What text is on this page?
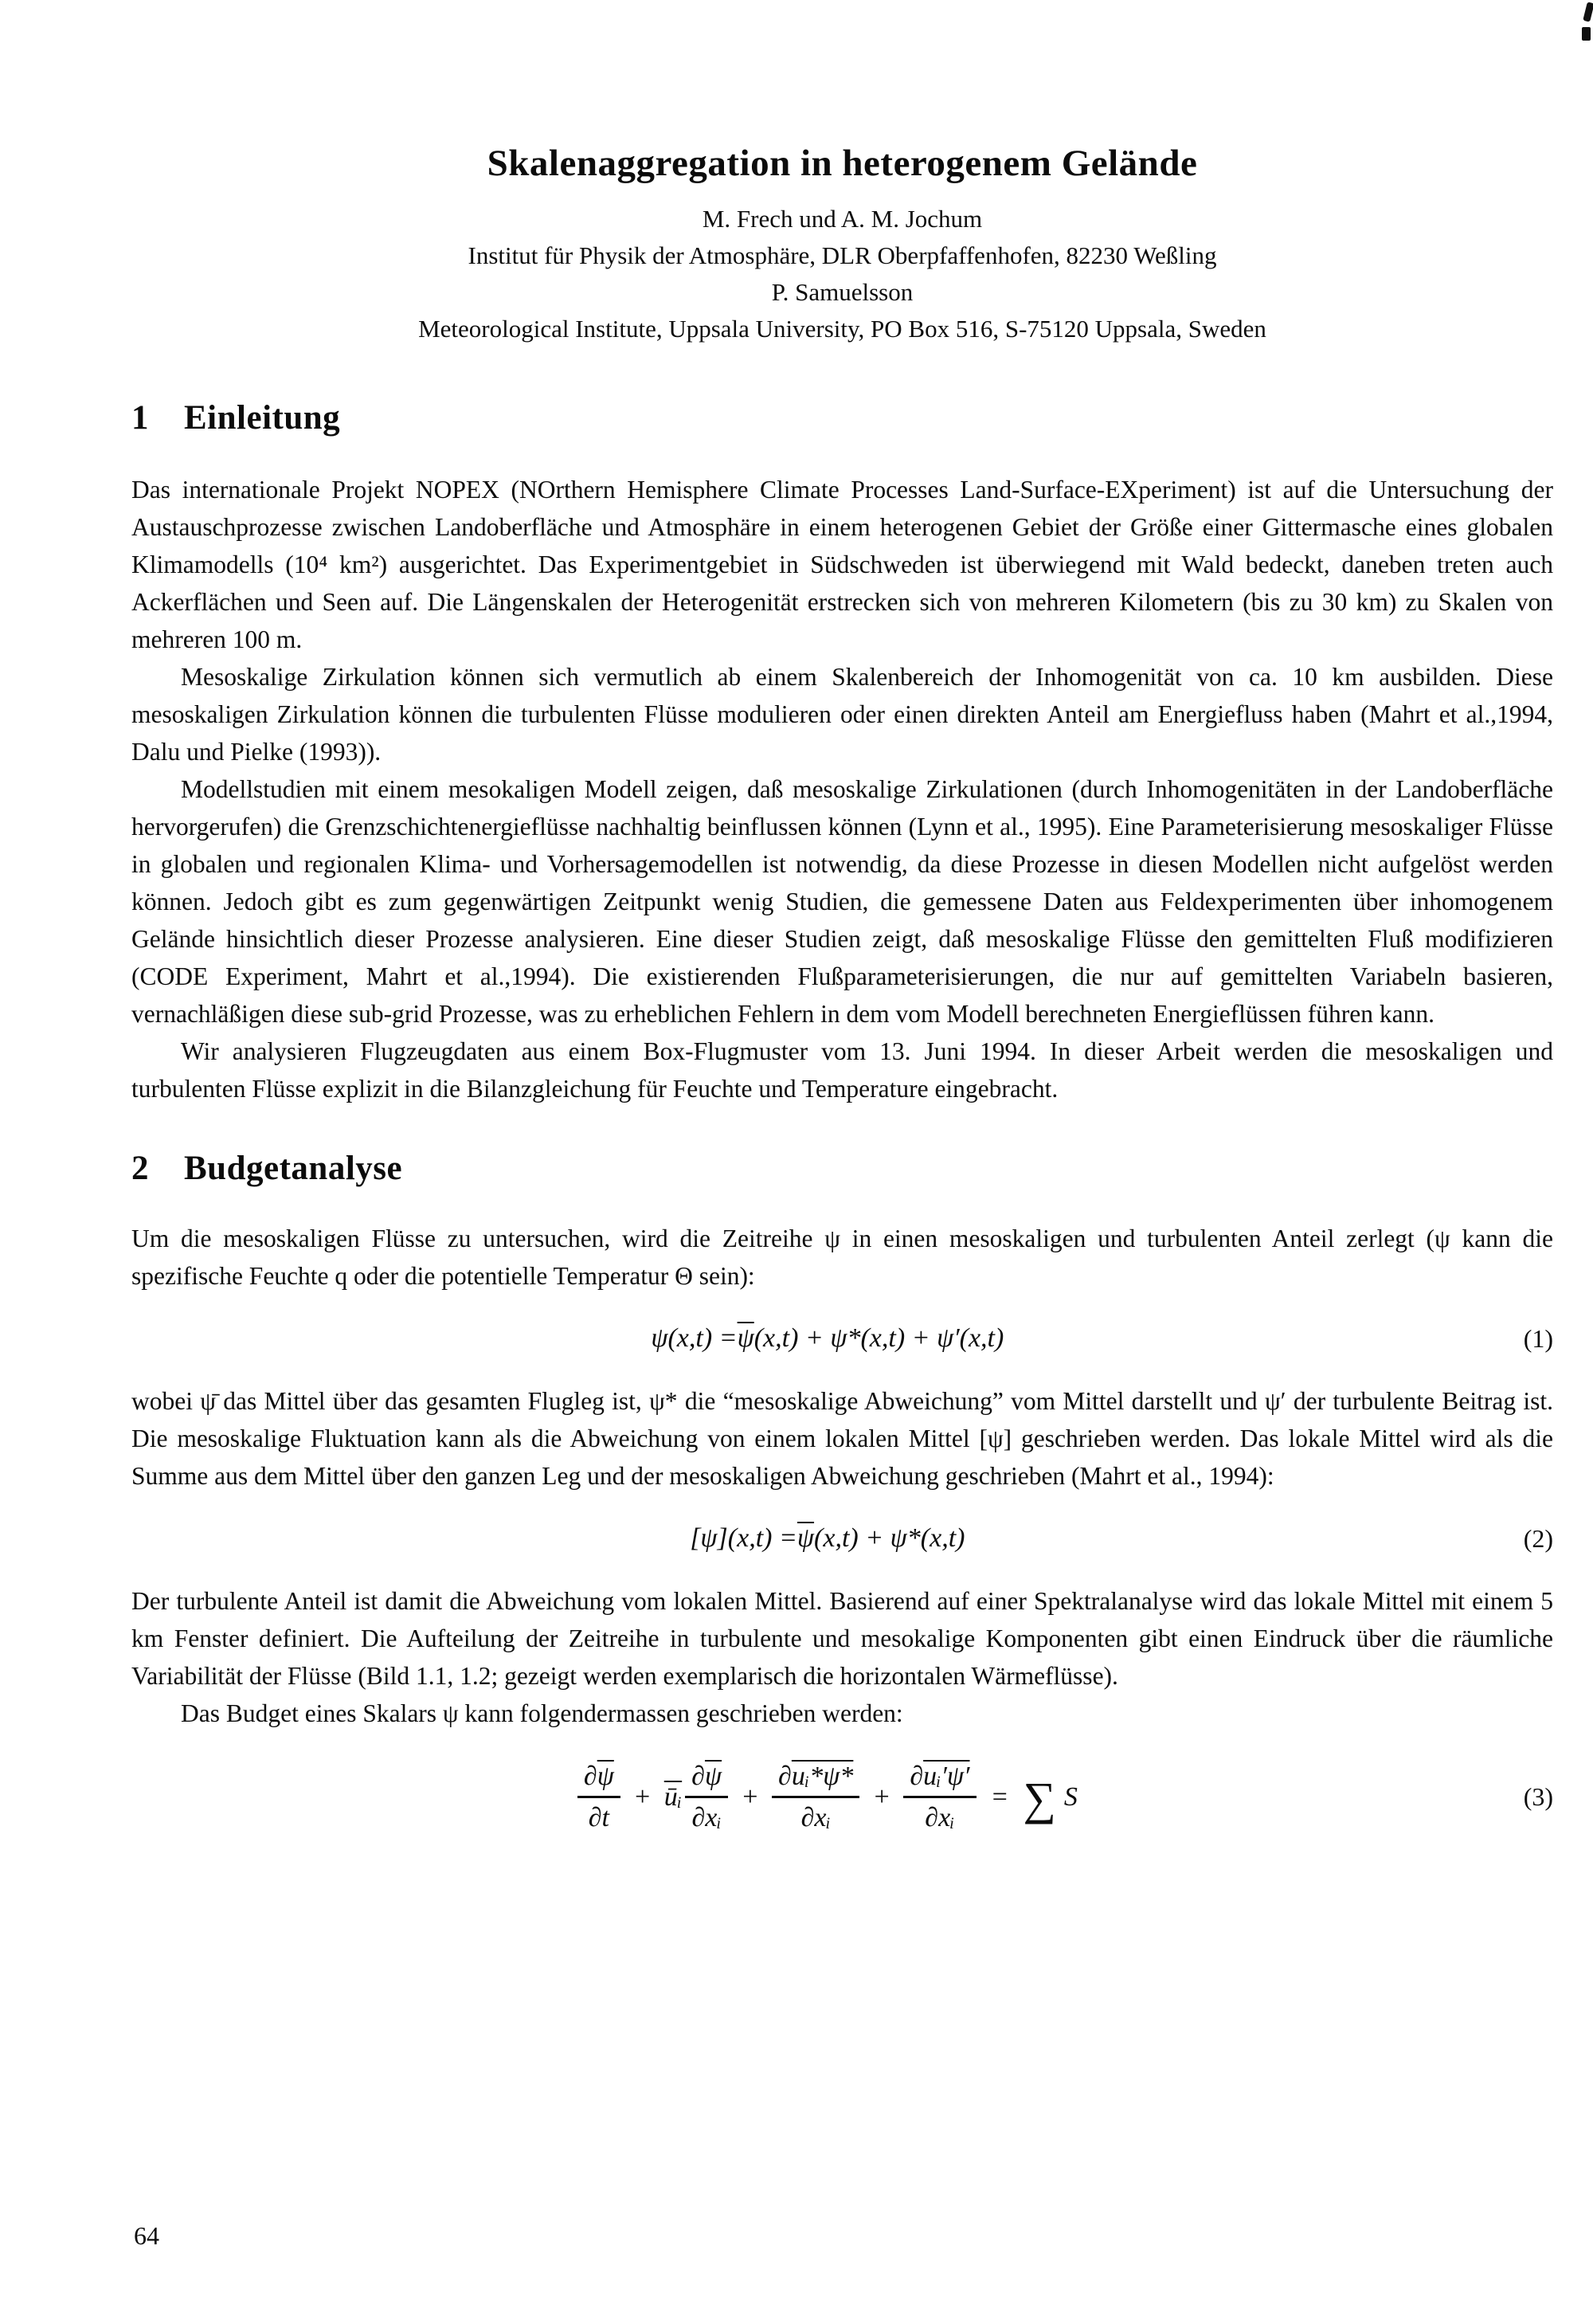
Skalenaggregation in heterogenem Gelände
M. Frech und A. M. Jochum
Institut für Physik der Atmosphäre, DLR Oberpfaffenhofen, 82230 Weßling
P. Samuelsson
Meteorological Institute, Uppsala University, PO Box 516, S-75120 Uppsala, Sweden
1 Einleitung
Das internationale Projekt NOPEX (NOrthern Hemisphere Climate Processes Land-Surface-EXperiment) ist auf die Untersuchung der Austauschprozesse zwischen Landoberfläche und Atmosphäre in einem heterogenen Gebiet der Größe einer Gittermasche eines globalen Klimamodells (10⁴ km²) ausgerichtet. Das Experimentgebiet in Südschweden ist überwiegend mit Wald bedeckt, daneben treten auch Ackerflächen und Seen auf. Die Längenskalen der Heterogenität erstrecken sich von mehreren Kilometern (bis zu 30 km) zu Skalen von mehreren 100 m.
Mesoskalige Zirkulation können sich vermutlich ab einem Skalenbereich der Inhomogenität von ca. 10 km ausbilden. Diese mesoskaligen Zirkulation können die turbulenten Flüsse modulieren oder einen direkten Anteil am Energiefluss haben (Mahrt et al.,1994, Dalu und Pielke (1993)).
Modellstudien mit einem mesokaligen Modell zeigen, daß mesoskalige Zirkulationen (durch Inhomogenitäten in der Landoberfläche hervorgerufen) die Grenzschichtenergieflüsse nachhaltig beinflussen können (Lynn et al., 1995). Eine Parameterisierung mesoskaliger Flüsse in globalen und regionalen Klima- und Vorhersagemodellen ist notwendig, da diese Prozesse in diesen Modellen nicht aufgelöst werden können. Jedoch gibt es zum gegenwärtigen Zeitpunkt wenig Studien, die gemessene Daten aus Feldexperimenten über inhomogenem Gelände hinsichtlich dieser Prozesse analysieren. Eine dieser Studien zeigt, daß mesoskalige Flüsse den gemittelten Fluß modifizieren (CODE Experiment, Mahrt et al.,1994). Die existierenden Flußparameterisierungen, die nur auf gemittelten Variabeln basieren, vernachläßigen diese sub-grid Prozesse, was zu erheblichen Fehlern in dem vom Modell berechneten Energieflüssen führen kann.
Wir analysieren Flugzeugdaten aus einem Box-Flugmuster vom 13. Juni 1994. In dieser Arbeit werden die mesoskaligen und turbulenten Flüsse explizit in die Bilanzgleichung für Feuchte und Temperature eingebracht.
2 Budgetanalyse
Um die mesoskaligen Flüsse zu untersuchen, wird die Zeitreihe ψ in einen mesoskaligen und turbulenten Anteil zerlegt (ψ kann die spezifische Feuchte q oder die potentielle Temperatur Θ sein):
$\psi(x,t) = \overline{\psi}$ (x,t) + ψ*(x,t) + ψ′(x,t)	(1)
wobei ψ̄ das Mittel über das gesamten Flugleg ist, ψ* die “mesoskalige Abweichung” vom Mittel darstellt und ψ′ der turbulente Beitrag ist. Die mesoskalige Fluktuation kann als die Abweichung von einem lokalen Mittel [ψ] geschrieben werden. Das lokale Mittel wird als die Summe aus dem Mittel über den ganzen Leg und der mesoskaligen Abweichung geschrieben (Mahrt et al., 1994):
$[\psi](x,t) = \overline{\psi}$ (x,t) + ψ*(x,t)	(2)
Der turbulente Anteil ist damit die Abweichung vom lokalen Mittel. Basierend auf einer Spektralanalyse wird das lokale Mittel mit einem 5 km Fenster definiert. Die Aufteilung der Zeitreihe in turbulente und mesokalige Komponenten gibt einen Eindruck über die räumliche Variabilität der Flüsse (Bild 1.1, 1.2; gezeigt werden exemplarisch die horizontalen Wärmeflüsse).
Das Budget eines Skalars ψ kann folgendermassen geschrieben werden:
$\frac{\partial\overline{\psi}}{\partial t} + \overline{ūᵢ} \frac{\partial\overline{\psi}}{\text{∂xᵢ}} + \frac{\text{∂uᵢ*ψ*}}{\text{∂xᵢ}} + \frac{\text{∂uᵢ′ψ′}}{\text{∂xᵢ}}$ = ∑ S	(3)
64
